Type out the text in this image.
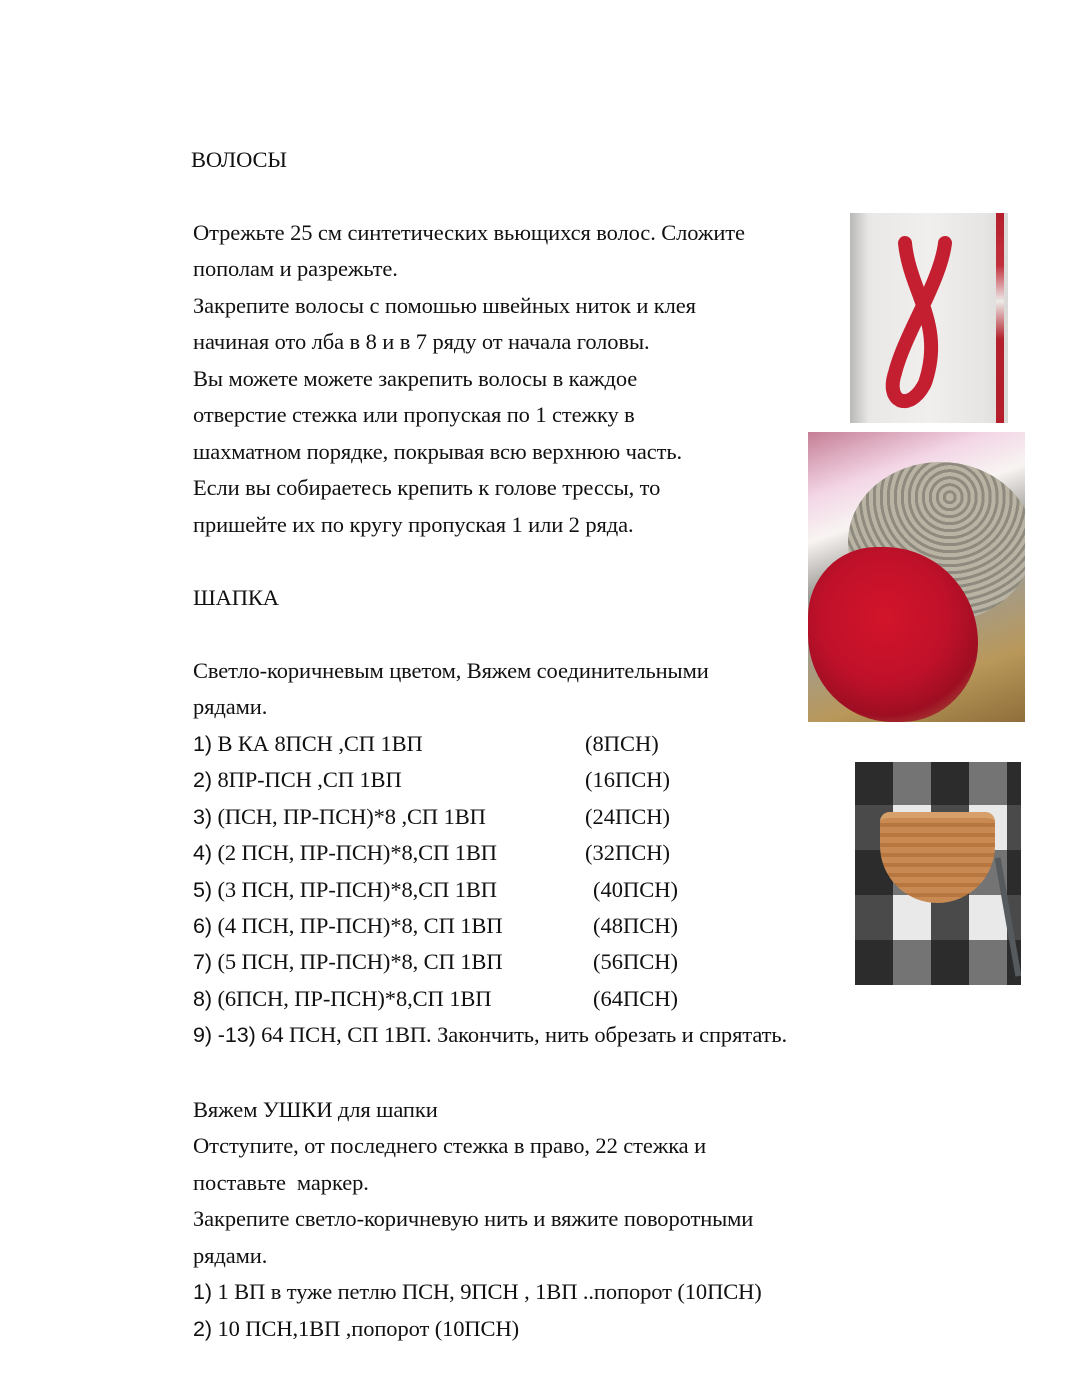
ВОЛОСЫ
Отрежьте 25 см синтетических вьющихся волос. Сложите
пополам и разрежьте.
Закрепите волосы с помошью швейных ниток и клея
начиная ото лба в 8 и в 7 ряду от начала головы.
Вы можете можете закрепить волосы в каждое
отверстие стежка или пропуская по 1 стежку в
шахматном порядке, покрывая всю верхнюю часть.
Если вы собираетесь крепить к голове трессы, то
пришейте их по кругу пропуская 1 или 2 ряда.
ШАПКА
Светло-коричневым цветом, Вяжем соединительными
рядами.
1) В КА 8ПСН ,СП 1ВП	(8ПСН)
2) 8ПР-ПСН ,СП 1ВП	(16ПСН)
3) (ПСН, ПР-ПСН)*8 ,СП 1ВП	(24ПСН)
4) (2 ПСН, ПР-ПСН)*8,СП 1ВП	(32ПСН)
5) (3 ПСН, ПР-ПСН)*8,СП 1ВП	(40ПСН)
6) (4 ПСН, ПР-ПСН)*8, СП 1ВП	(48ПСН)
7) (5 ПСН, ПР-ПСН)*8, СП 1ВП	(56ПСН)
8) (6ПСН, ПР-ПСН)*8,СП 1ВП	(64ПСН)
9) -13) 64 ПСН, СП 1ВП. Закончить, нить обрезать и спрятать.
Вяжем УШКИ для шапки
Отступите, от последнего стежка в право, 22 стежка и
поставьте  маркер.
Закрепите светло-коричневую нить и вяжите поворотными
рядами.
1) 1 ВП в туже петлю ПСН, 9ПСН , 1ВП ..попорот (10ПСН)
2) 10 ПСН,1ВП ,попорот (10ПСН)
